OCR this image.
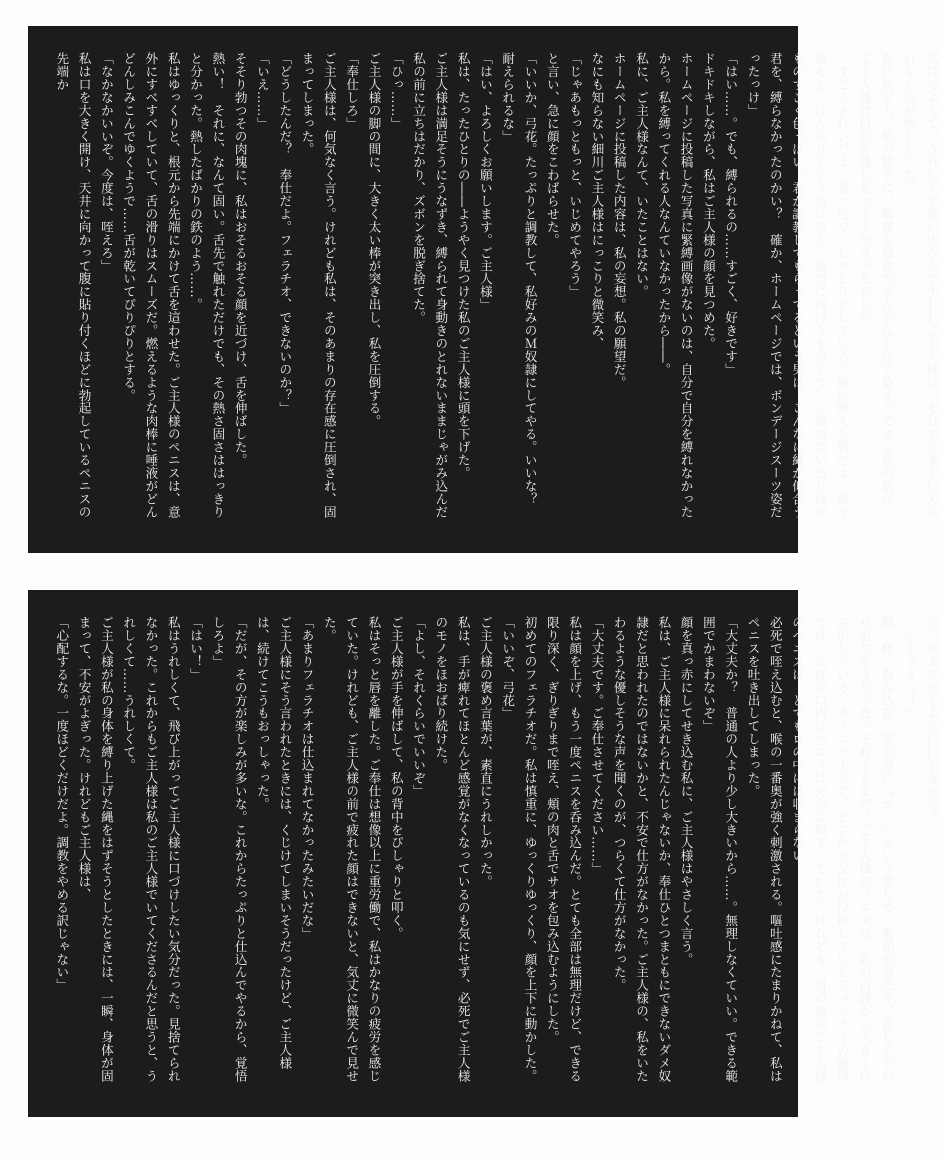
気持ちよくて、うれしくて涙が出るんです――ご主人様に、それをうまく伝えられないのが悔しかった。

だけれども、私の様子に、興奮と感激でどんどんと紅く染まってゆく私の肌に、ご主人様は何かを感じとってくださったらしい。

「すごくきれいだよ、真っ白で、しっとりとしている。縄が映える肌だよ。縄で絞ると、ほんのりピンク色になる。適当に肉付きも良くて……縄の食い込む様がものすごく色っぽい。君が調教してもらってるという男は、こんなに縄が似合う君を、縛らなかったのかい？　確か、ホームページでは、ボンデージスーツ姿だったっけ」

「はい……。でも、縛られるの……すごく、好きです」

ドキドキしながら、私はご主人様の顔を見つめた。

ホームページに投稿した写真に緊縛画像がないのは、自分で自分を縛れなかったから。私を縛ってくれる人なんていなかったから――。

私に、ご主人様なんて、いたことはない。

ホームページに投稿した内容は、私の妄想。私の願望だ。

なにも知らない細川ご主人様はにっこりと微笑み、

「じゃあもっともっと、いじめてやろう」

と言い、急に顔をこわばらせた。

「いいか、弓花。たっぷりと調教して、私好みのＭ奴隷にしてやる。いいな？　耐えられるな」

「はい、よろしくお願いします。ご主人様」

私は、たったひとりの――ようやく見つけた私のご主人様に頭を下げた。

ご主人様は満足そうにうなずき、縛られて身動きのとれないままじゃがみ込んだ私の前に立ちはだかり、ズボンを脱ぎ捨てた。

「ひっ……」

ご主人様の脚の間に、大きく太い棒が突き出し、私を圧倒する。

「奉仕しろ」

ご主人様は、何気なく言う。けれども私は、そのあまりの存在感に圧倒され、固まってしまった。

「どうしたんだ？　奉仕だよ。フェラチオ、できないのか？」

「いえ……」

そそり勃つその肉塊に、私はおそるおそる顔を近づけ、舌を伸ばした。

熱い！　それに、なんて固い。舌先で触れただけでも、その熱さ固さははっきりと分かった。熱したばかりの鉄のよう……。

私はゆっくりと、根元から先端にかけて舌を這わせた。ご主人様のペニスは、意外にすべすべしていて、舌の滑りはスムーズだ。燃えるような肉棒に唾液がどんどんしみこんでゆくようで……舌が乾いてぴりぴりとする。

「なかなかいいぞ。今度は、咥えろ」

私は口を大きく開け、天井に向かって腹に貼り付くほどに勃起しているペニスの先端か

ら、かぶりつくように口を寄せた。

「んぐぅうっ！」

精一杯、呑み込む。喉の奥に『ゴツ』という感じで、亀頭が当たり、苦しくてむせ返りそうだった。それでもまだ、ご主人様のペニスは、私の口唇から大きくはみ出している。ホームページで、どこかの女性が投稿していたフェラチオの画像では、女性の口内にペニスは完全に収まっていた。けれども、目の前のご主人様のペニスは、とてもロの中には収まらない。

必死で咥え込むと、喉の一番奥が強く刺激される。嘔吐感にたまりかねて、私はペニスを吐き出してしまった。

「大丈夫か？　普通の人より少し大きいから……。無理しなくていい。できる範囲でかまわないぞ」

顔を真っ赤にしてせき込む私に、ご主人様はやさしく言う。

私は、ご主人様に呆れられたんじゃないか、奉仕ひとつまともにできないダメ奴隷だと思われたのではないかと、不安で仕方がなかった。ご主人様の、私をいたわるような優しそうな声を聞くのが、つらくて仕方がなかった。

「大丈夫です。ご奉仕させてください……」

私は顔を上げ、もう一度ペニスを呑み込んだ。とても全部は無理だけど、できる限り深く、ぎりぎりまで咥え、頬の肉と舌でサオを包み込むようにした。

初めてのフェラチオだ。私は慎重に、ゆっくりゆっくり、顔を上下に動かした。

「いいぞ、弓花」

ご主人様の褒め言葉が、素直にうれしかった。

私は、手が痺れてほとんど感覚がなくなっているのも気にせず、必死でご主人様のモノをほおばり続けた。

「よし、それくらいでいいぞ」

ご主人様が手を伸ばして、私の背中をぴしゃりと叩く。

私はそっと唇を離した。ご奉仕は想像以上に重労働で、私はかなりの疲労を感じていた。けれども、ご主人様の前で疲れた顔はできないと、気丈に微笑んで見せた。

「あまりフェラチオは仕込まれてなかったみたいだな」

ご主人様にそう言われたときには、くじけてしまいそうだったけど、ご主人様は、続けてこうもおっしゃった。

「だが、その方が楽しみが多いな。これからたっぷりと仕込んでやるから、覚悟しろよ」

「はい！」

私はうれしくて、飛び上がってご主人様に口づけしたい気分だった。見捨てられなかった。これからもご主人様は私のご主人様でいてくださるんだと思うと、うれしくて……うれしくて。

ご主人様が私の身体を縛り上げた縄をはずそうとしたときには、一瞬、身体が固まって、不安がよぎった。けれどもご主人様は、

「心配するな。一度ほどくだけだよ。調教をやめる訳じゃない」
